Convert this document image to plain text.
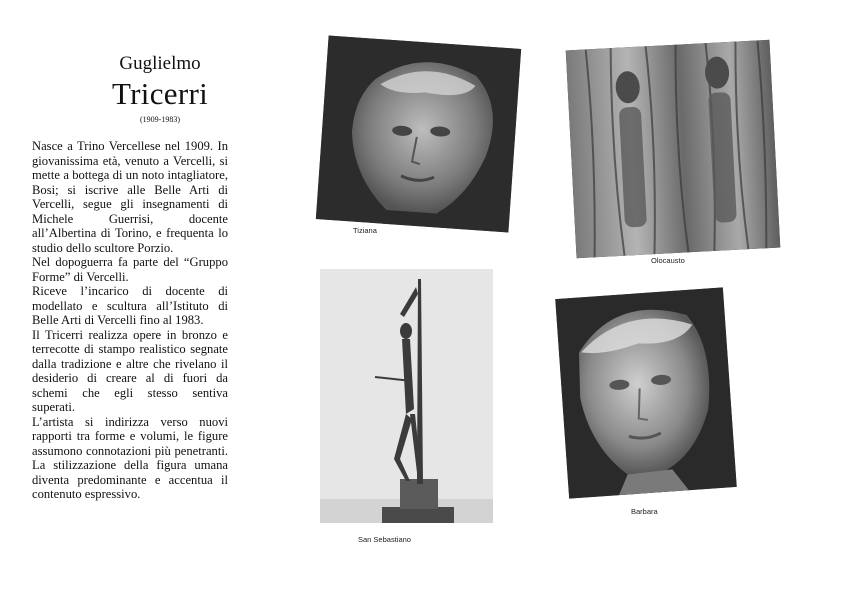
Guglielmo
Tricerri
(1909-1983)

Nasce a Trino Vercellese nel 1909. In giovanissima età, venuto a Vercelli, si mette a bottega di un noto intagliatore, Bosi; si iscrive alle Belle Arti di Vercelli, segue gli insegnamenti di Michele Guerrisi, docente all’Albertina di Torino, e frequenta lo studio dello scultore Porzio.

Nel dopoguerra fa parte del “Gruppo Forme” di Vercelli.

Riceve l’incarico di docente di modellato e scultura all’Istituto di Belle Arti di Vercelli fino al 1983.

Il Tricerri realizza opere in bronzo e terrecotte di stampo realistico segnate dalla tradizione e altre che rivelano il desiderio di creare al di fuori da schemi che egli stesso sentiva superati.

L’artista si indirizza verso nuovi rapporti tra forme e volumi, le figure assumono connotazioni più penetranti. La stilizzazione della figura umana diventa predominante e accentua il contenuto espressivo.

Tiziana
Olocausto
San Sebastiano
Barbara
